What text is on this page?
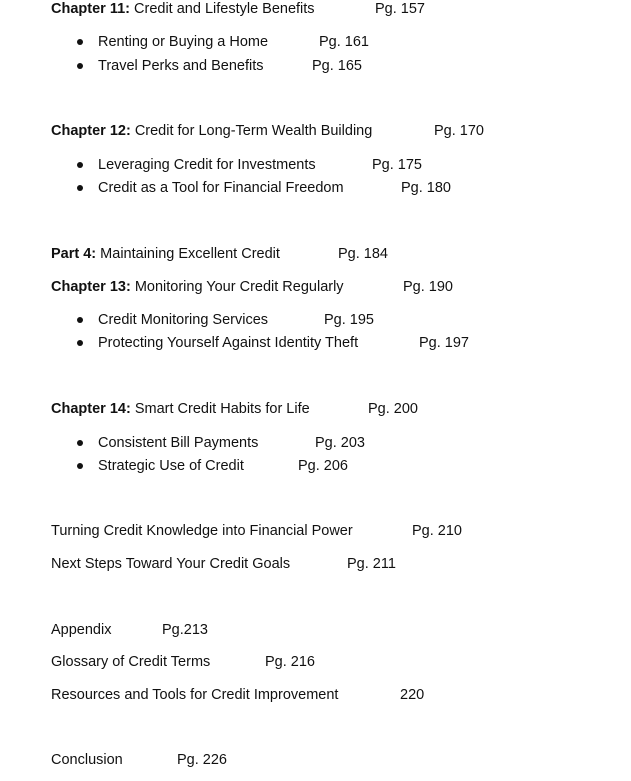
Chapter 11: Credit and Lifestyle Benefits	Pg. 157
Renting or Buying a Home	Pg. 161
Travel Perks and Benefits	Pg. 165
Chapter 12: Credit for Long-Term Wealth Building	Pg. 170
Leveraging Credit for Investments	Pg. 175
Credit as a Tool for Financial Freedom	Pg. 180
Part 4: Maintaining Excellent Credit	Pg. 184
Chapter 13: Monitoring Your Credit Regularly	Pg. 190
Credit Monitoring Services	Pg. 195
Protecting Yourself Against Identity Theft	Pg. 197
Chapter 14: Smart Credit Habits for Life	Pg. 200
Consistent Bill Payments	Pg. 203
Strategic Use of Credit	Pg. 206
Turning Credit Knowledge into Financial Power	Pg. 210
Next Steps Toward Your Credit Goals	Pg. 211
Appendix	Pg.213
Glossary of Credit Terms	Pg. 216
Resources and Tools for Credit Improvement	220
Conclusion	Pg. 226
